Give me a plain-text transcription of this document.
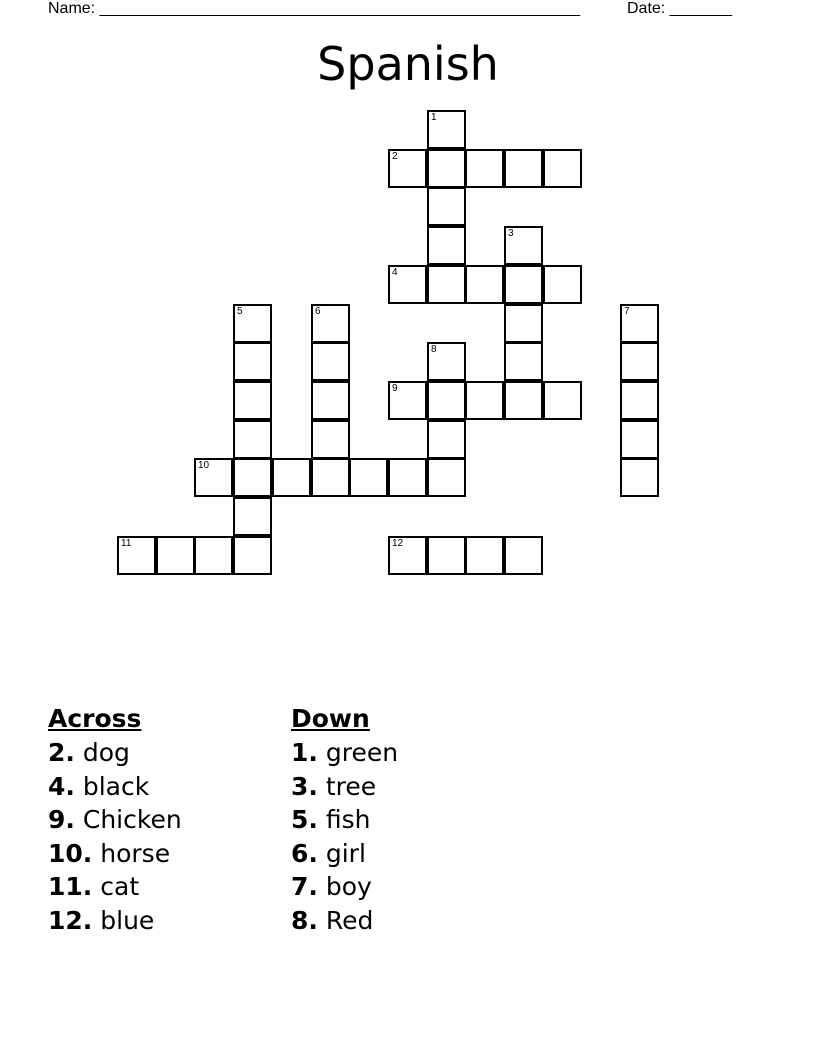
Name: ______________________________________________________	Date: _______
Spanish
1
2
3
4
5	6	7
8
9
10
11	12
Across
2. dog
4. black
9. Chicken
10. horse
11. cat
12. blue
Down
1. green
3. tree
5. fish
6. girl
7. boy
8. Red
